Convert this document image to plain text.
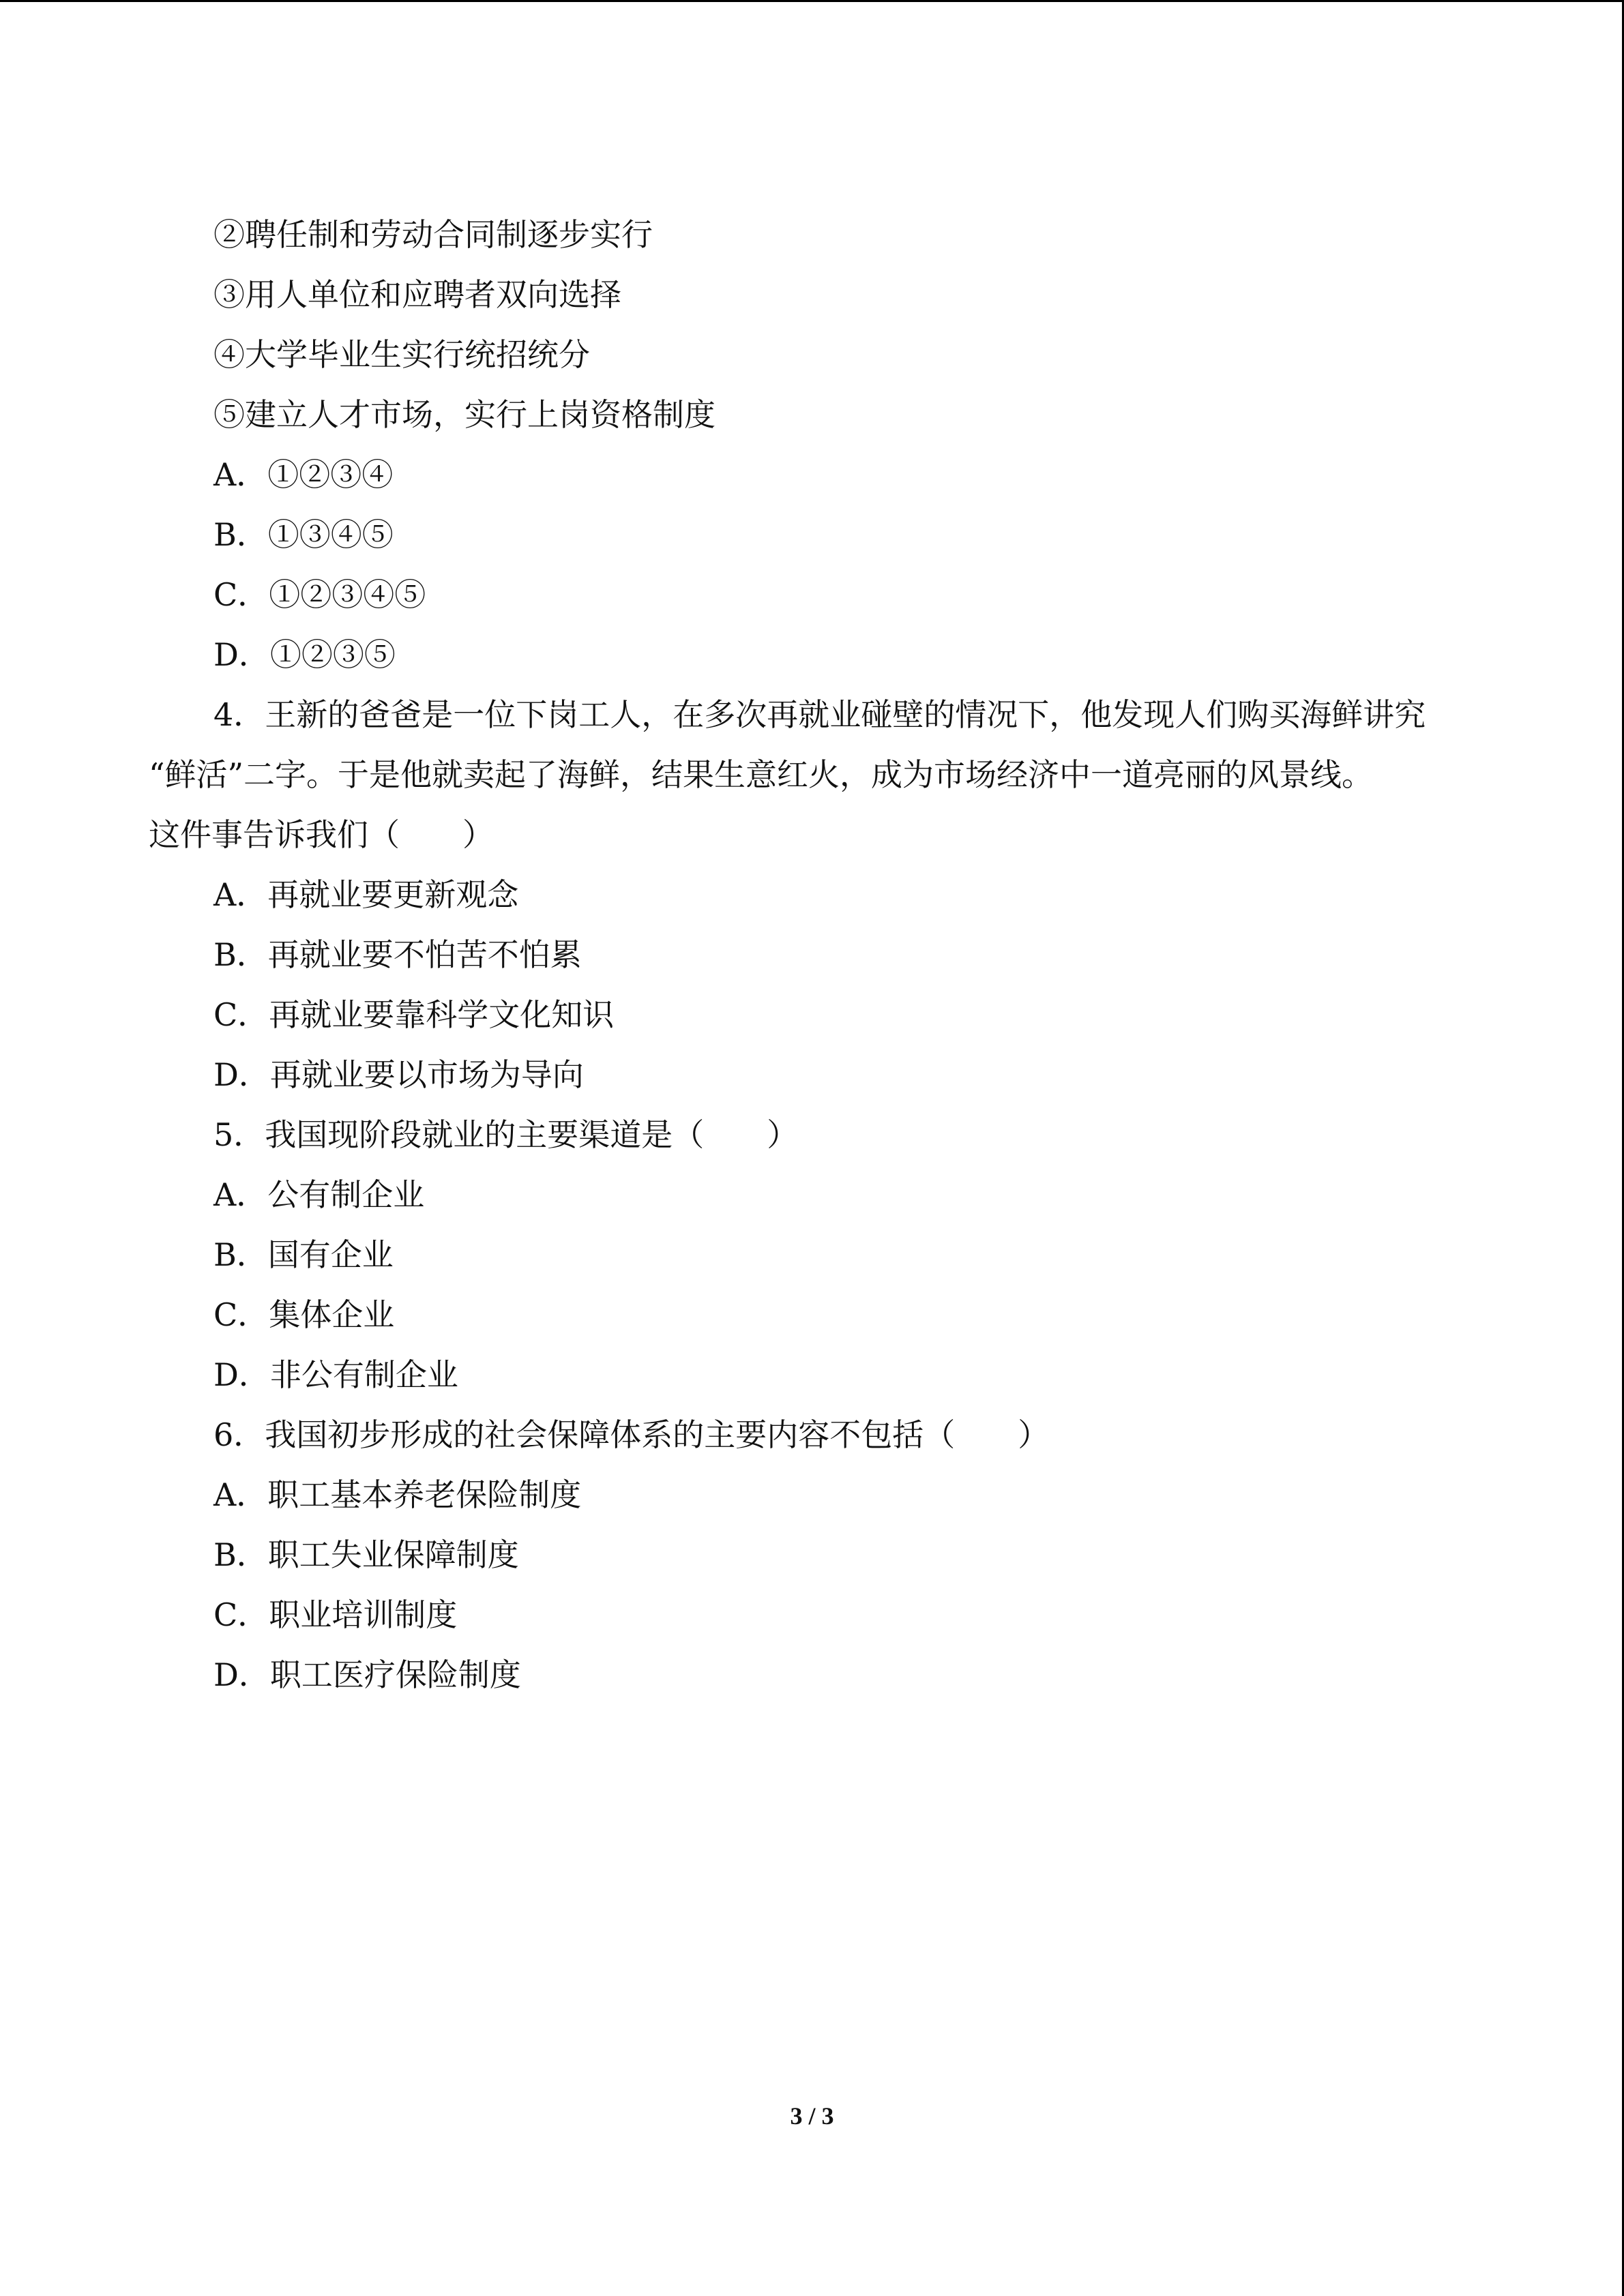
②聘任制和劳动合同制逐步实行
③用人单位和应聘者双向选择
④大学毕业生实行统招统分
⑤建立人才市场，实行上岗资格制度
A．①②③④
B．①③④⑤
C．①②③④⑤
D．①②③⑤
4．王新的爸爸是一位下岗工人，在多次再就业碰壁的情况下，他发现人们购买海鲜讲究
“鲜活”二字。于是他就卖起了海鲜，结果生意红火，成为市场经济中一道亮丽的风景线。
这件事告诉我们（　　）
A．再就业要更新观念
B．再就业要不怕苦不怕累
C．再就业要靠科学文化知识
D．再就业要以市场为导向
5．我国现阶段就业的主要渠道是（　　）
A．公有制企业
B．国有企业
C．集体企业
D．非公有制企业
6．我国初步形成的社会保障体系的主要内容不包括（　　）
A．职工基本养老保险制度
B．职工失业保障制度
C．职业培训制度
D．职工医疗保险制度
3 / 3
